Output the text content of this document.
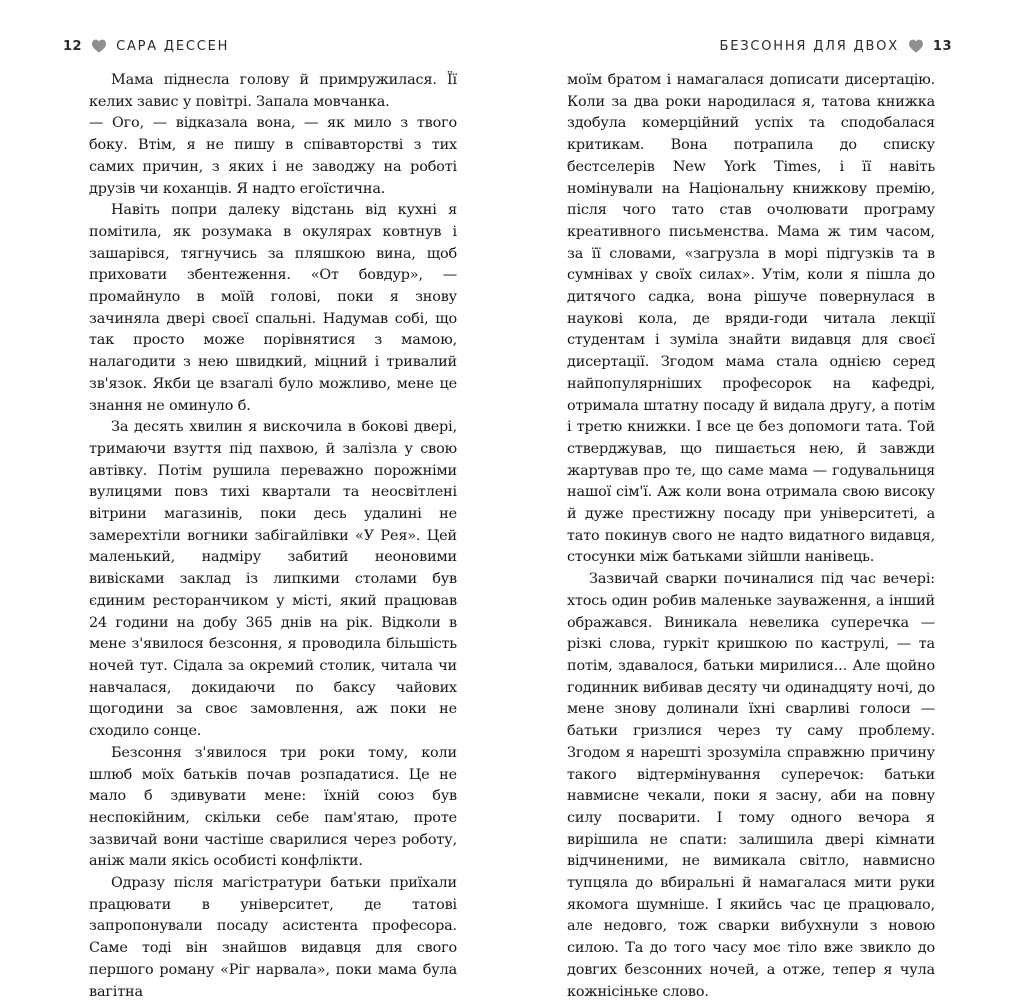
12	САРА ДЕССЕН	БЕЗСОННЯ ДЛЯ ДВОХ	13

Мама піднесла голову й примружилася. Її келих завис у повітрі. Запала мовчанка.

— Ого, — відказала вона, — як мило з твого боку. Втім, я не пишу в співавторстві з тих самих причин, з яких і не заводжу на роботі друзів чи коханців. Я надто егоїстична.

Навіть попри далеку відстань від кухні я помітила, як розумака в окулярах ковтнув і зашарівся, тягнучись за пляшкою вина, щоб приховати збентеження. «От бовдур», — промайнуло в моїй голові, поки я знову зачиняла двері своєї спальні. Надумав собі, що так просто може порівнятися з мамою, налагодити з нею швидкий, міцний і тривалий зв'язок. Якби це взагалі було можливо, мене це знання не оминуло б.

За десять хвилин я вискочила в бокові двері, тримаючи взуття під пахвою, й залізла у свою автівку. Потім рушила переважно порожніми вулицями повз тихі квартали та неосвітлені вітрини магазинів, поки десь удалині не замерехтіли вогники забігайлівки «У Рея». Цей маленький, надміру забитий неоновими вивісками заклад із липкими столами був єдиним ресторанчиком у місті, який працював 24 години на добу 365 днів на рік. Відколи в мене з'явилося безсоння, я проводила більшість ночей тут. Сідала за окремий столик, читала чи навчалася, докидаючи по баксу чайових щогодини за своє замовлення, аж поки не сходило сонце.

Безсоння з'явилося три роки тому, коли шлюб моїх батьків почав розпадатися. Це не мало б здивувати мене: їхній союз був неспокійним, скільки себе пам'ятаю, проте зазвичай вони частіше сварилися через роботу, аніж мали якісь особисті конфлікти.

Одразу після магістратури батьки приїхали працювати в університет, де татові запропонували посаду асистента професора. Саме тоді він знайшов видавця для свого першого роману «Ріг нарвала», поки мама була вагітна

моїм братом і намагалася дописати дисертацію. Коли за два роки народилася я, татова книжка здобула комерційний успіх та сподобалася критикам. Вона потрапила до списку бестселерів New York Times, і її навіть номінували на Національну книжкову премію, після чого тато став очолювати програму креативного письменства. Мама ж тим часом, за її словами, «загрузла в морі підгузків та в сумнівах у своїх силах». Утім, коли я пішла до дитячого садка, вона рішуче повернулася в наукові кола, де вряди-годи читала лекції студентам і зуміла знайти видавця для своєї дисертації. Згодом мама стала однією серед найпопулярніших професорок на кафедрі, отримала штатну посаду й видала другу, а потім і третю книжки. І все це без допомоги тата. Той стверджував, що пишається нею, й завжди жартував про те, що саме мама — годувальниця нашої сім'ї. Аж коли вона отримала свою високу й дуже престижну посаду при університеті, а тато покинув свого не надто видатного видавця, стосунки між батьками зійшли нанівець.

Зазвичай сварки починалися під час вечері: хтось один робив маленьке зауваження, а інший ображався. Виникала невелика суперечка — різкі слова, гуркіт кришкою по каструлі, — та потім, здавалося, батьки мирилися... Але щойно годинник вибивав десяту чи одинадцяту ночі, до мене знову долинали їхні сварливі голоси — батьки гризлися через ту саму проблему. Згодом я нарешті зрозуміла справжню причину такого відтермінування суперечок: батьки навмисне чекали, поки я засну, аби на повну силу посварити. І тому одного вечора я вирішила не спати: залишила двері кімнати відчиненими, не вимикала світло, навмисно тупцяла до вбиральні й намагалася мити руки якомога шумніше. І якийсь час це працювало, але недовго, тож сварки вибухнули з новою силою. Та до того часу моє тіло вже звикло до довгих безсонних ночей, а отже, тепер я чула кожнісіньке слово.
